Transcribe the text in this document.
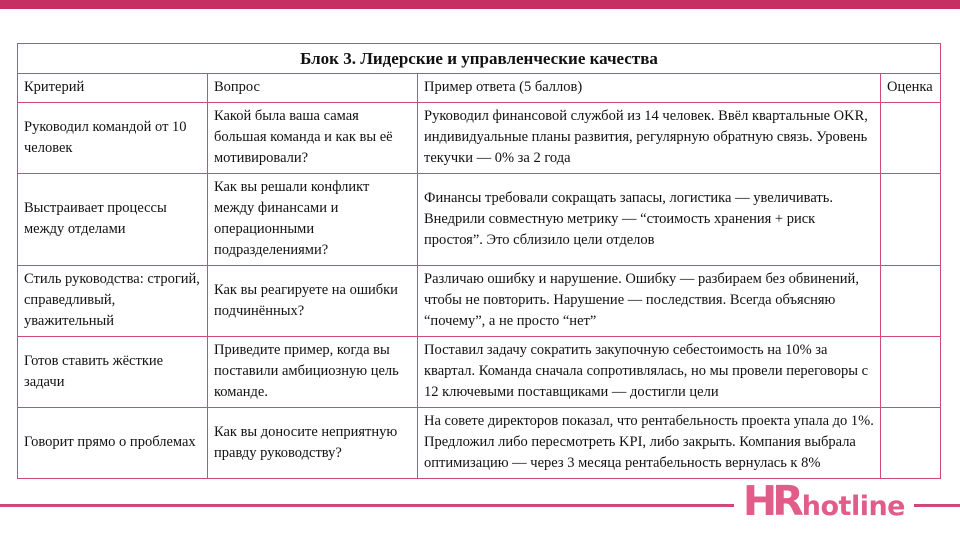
Блок 3. Лидерские и управленческие качества			
Критерий	Вопрос	Пример ответа (5 баллов)	Оценка
Руководил командой от 10 человек	Какой была ваша самая большая команда и как вы её мотивировали?	Руководил финансовой службой из 14 человек. Ввёл квартальные OKR, индивидуальные планы развития, регулярную обратную связь. Уровень текучки — 0% за 2 года	
Выстраивает процессы между отделами	Как вы решали конфликт между финансами и операционными подразделениями?	Финансы требовали сокращать запасы, логистика — увеличивать. Внедрили совместную метрику — “стоимость хранения + риск простоя”. Это сблизило цели отделов	
Стиль руководства: строгий, справедливый, уважительный	Как вы реагируете на ошибки подчинённых?	Различаю ошибку и нарушение. Ошибку — разбираем без обвинений, чтобы не повторить. Нарушение — последствия. Всегда объясняю “почему”, а не просто “нет”	
Готов ставить жёсткие задачи	Приведите пример, когда вы поставили амбициозную цель команде.	Поставил задачу сократить закупочную себестоимость на 10% за квартал. Команда сначала сопротивлялась, но мы провели переговоры с 12 ключевыми поставщиками — достигли цели	
Говорит прямо о проблемах	Как вы доносите неприятную правду руководству?	На совете директоров показал, что рентабельность проекта упала до 1%. Предложил либо пересмотреть KPI, либо закрыть. Компания выбрала оптимизацию — через 3 месяца рентабельность вернулась к 8%	
HR hotline
